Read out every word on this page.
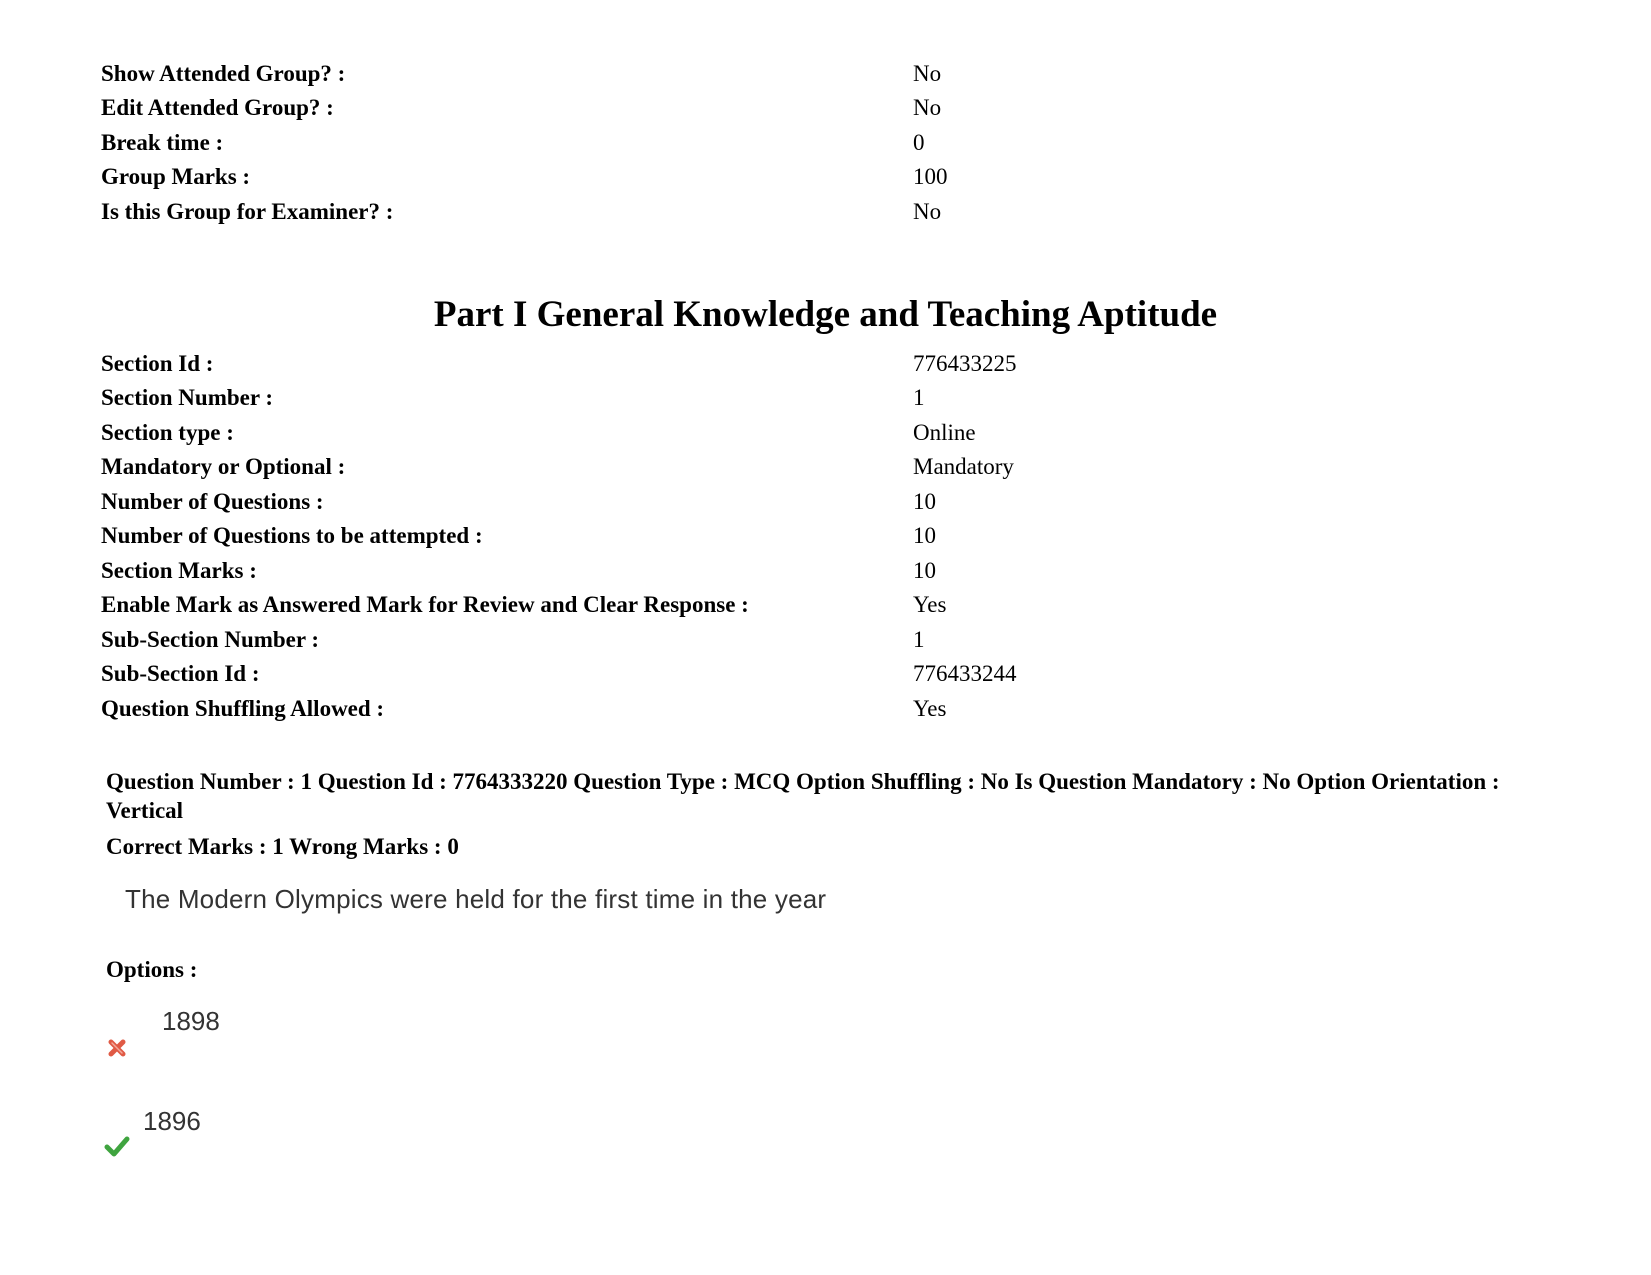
Show Attended Group? :	No
Edit Attended Group? :	No
Break time :	0
Group Marks :	100
Is this Group for Examiner? :	No
Part I General Knowledge and Teaching Aptitude
Section Id :	776433225
Section Number :	1
Section type :	Online
Mandatory or Optional :	Mandatory
Number of Questions :	10
Number of Questions to be attempted :	10
Section Marks :	10
Enable Mark as Answered Mark for Review and Clear Response :	Yes
Sub-Section Number :	1
Sub-Section Id :	776433244
Question Shuffling Allowed :	Yes
Question Number : 1 Question Id : 7764333220 Question Type : MCQ Option Shuffling : No Is Question Mandatory : No Option Orientation : Vertical
Correct Marks : 1 Wrong Marks : 0
The Modern Olympics were held for the first time in the year
Options :
1898
1896
